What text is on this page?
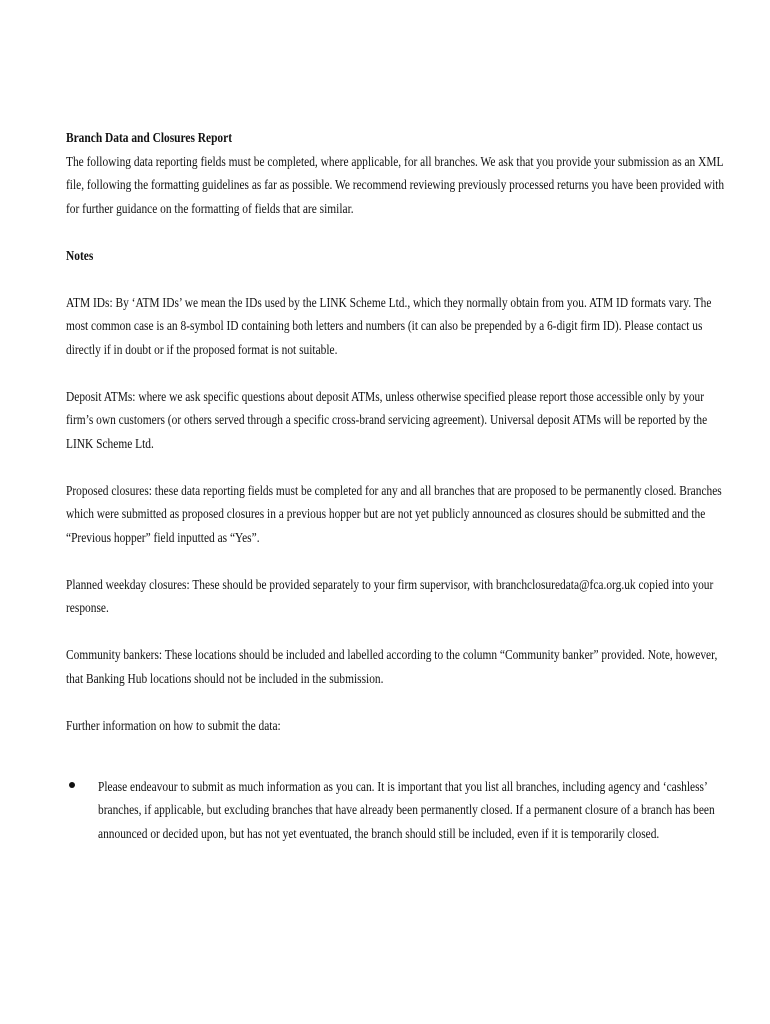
Branch Data and Closures Report
The following data reporting fields must be completed, where applicable, for all branches. We ask that you provide your submission as an XML
file, following the formatting guidelines as far as possible. We recommend reviewing previously processed returns you have been provided with
for further guidance on the formatting of fields that are similar.
Notes
ATM IDs: By ‘ATM IDs’ we mean the IDs used by the LINK Scheme Ltd., which they normally obtain from you. ATM ID formats vary. The
most common case is an 8-symbol ID containing both letters and numbers (it can also be prepended by a 6-digit firm ID). Please contact us
directly if in doubt or if the proposed format is not suitable.
Deposit ATMs: where we ask specific questions about deposit ATMs, unless otherwise specified please report those accessible only by your
firm’s own customers (or others served through a specific cross-brand servicing agreement). Universal deposit ATMs will be reported by the
LINK Scheme Ltd.
Proposed closures: these data reporting fields must be completed for any and all branches that are proposed to be permanently closed. Branches
which were submitted as proposed closures in a previous hopper but are not yet publicly announced as closures should be submitted and the
“Previous hopper” field inputted as “Yes”.
Planned weekday closures: These should be provided separately to your firm supervisor, with branchclosuredata@fca.org.uk copied into your
response.
Community bankers: These locations should be included and labelled according to the column “Community banker” provided. Note, however,
that Banking Hub locations should not be included in the submission.
Further information on how to submit the data:
Please endeavour to submit as much information as you can. It is important that you list all branches, including agency and ‘cashless’
branches, if applicable, but excluding branches that have already been permanently closed. If a permanent closure of a branch has been
announced or decided upon, but has not yet eventuated, the branch should still be included, even if it is temporarily closed.
